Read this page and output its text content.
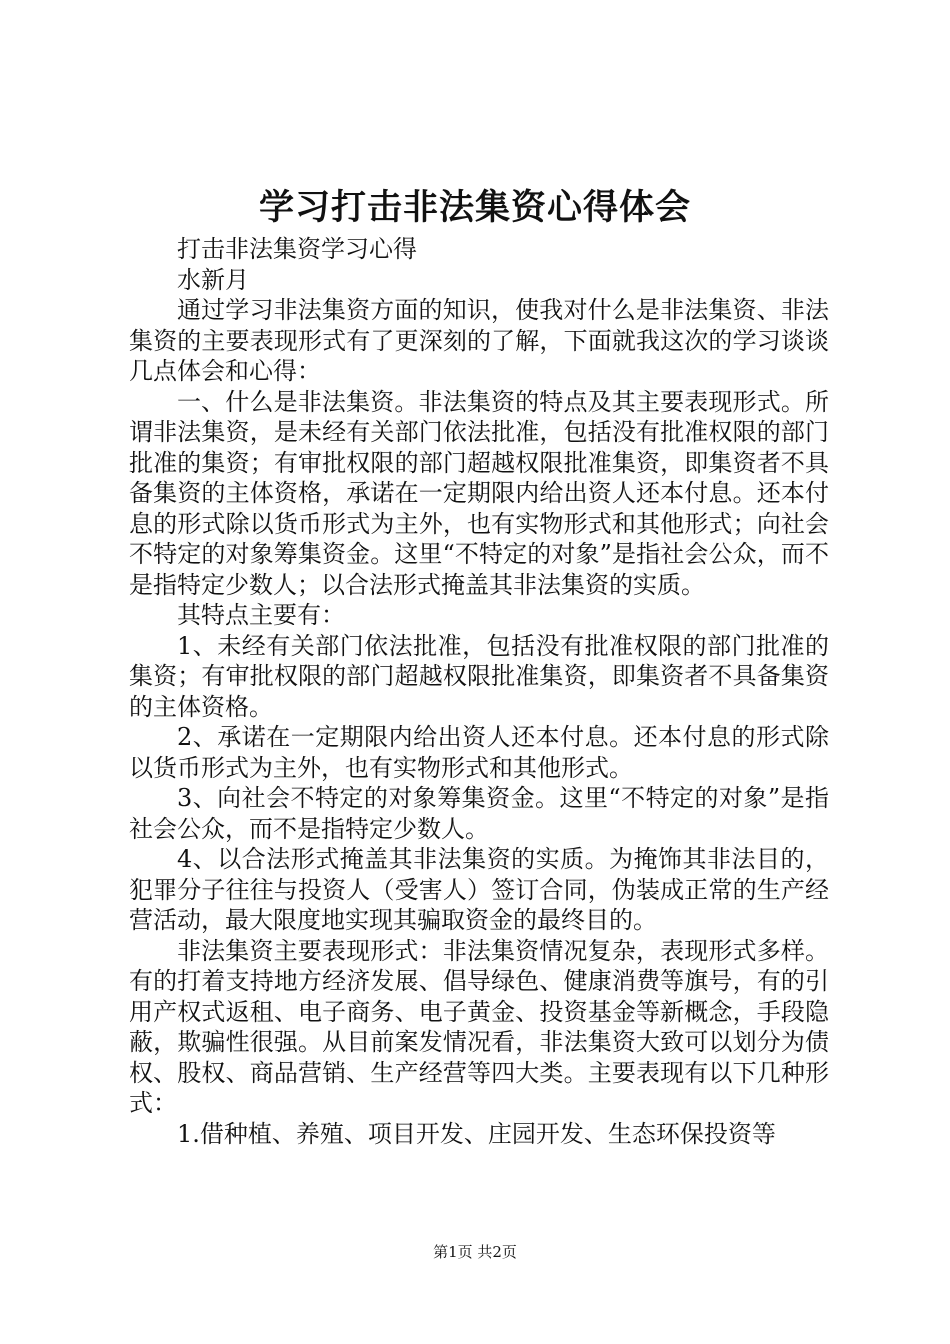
学习打击非法集资心得体会

打击非法集资学习心得

水新月

通过学习非法集资方面的知识，使我对什么是非法集资、非法集资的主要表现形式有了更深刻的了解，下面就我这次的学习谈谈几点体会和心得：

一、什么是非法集资。非法集资的特点及其主要表现形式。所谓非法集资，是未经有关部门依法批准，包括没有批准权限的部门批准的集资；有审批权限的部门超越权限批准集资，即集资者不具备集资的主体资格，承诺在一定期限内给出资人还本付息。还本付息的形式除以货币形式为主外，也有实物形式和其他形式；向社会不特定的对象筹集资金。这里“不特定的对象”是指社会公众，而不是指特定少数人；以合法形式掩盖其非法集资的实质。

其特点主要有：

1、未经有关部门依法批准，包括没有批准权限的部门批准的集资；有审批权限的部门超越权限批准集资，即集资者不具备集资的主体资格。

2、承诺在一定期限内给出资人还本付息。还本付息的形式除以货币形式为主外，也有实物形式和其他形式。

3、向社会不特定的对象筹集资金。这里“不特定的对象”是指社会公众，而不是指特定少数人。

4、以合法形式掩盖其非法集资的实质。为掩饰其非法目的，犯罪分子往往与投资人（受害人）签订合同，伪装成正常的生产经营活动，最大限度地实现其骗取资金的最终目的。

非法集资主要表现形式：非法集资情况复杂，表现形式多样。有的打着支持地方经济发展、倡导绿色、健康消费等旗号，有的引用产权式返租、电子商务、电子黄金、投资基金等新概念，手段隐蔽，欺骗性很强。从目前案发情况看，非法集资大致可以划分为债权、股权、商品营销、生产经营等四大类。主要表现有以下几种形式：

1.借种植、养殖、项目开发、庄园开发、生态环保投资等

第1页 共2页
